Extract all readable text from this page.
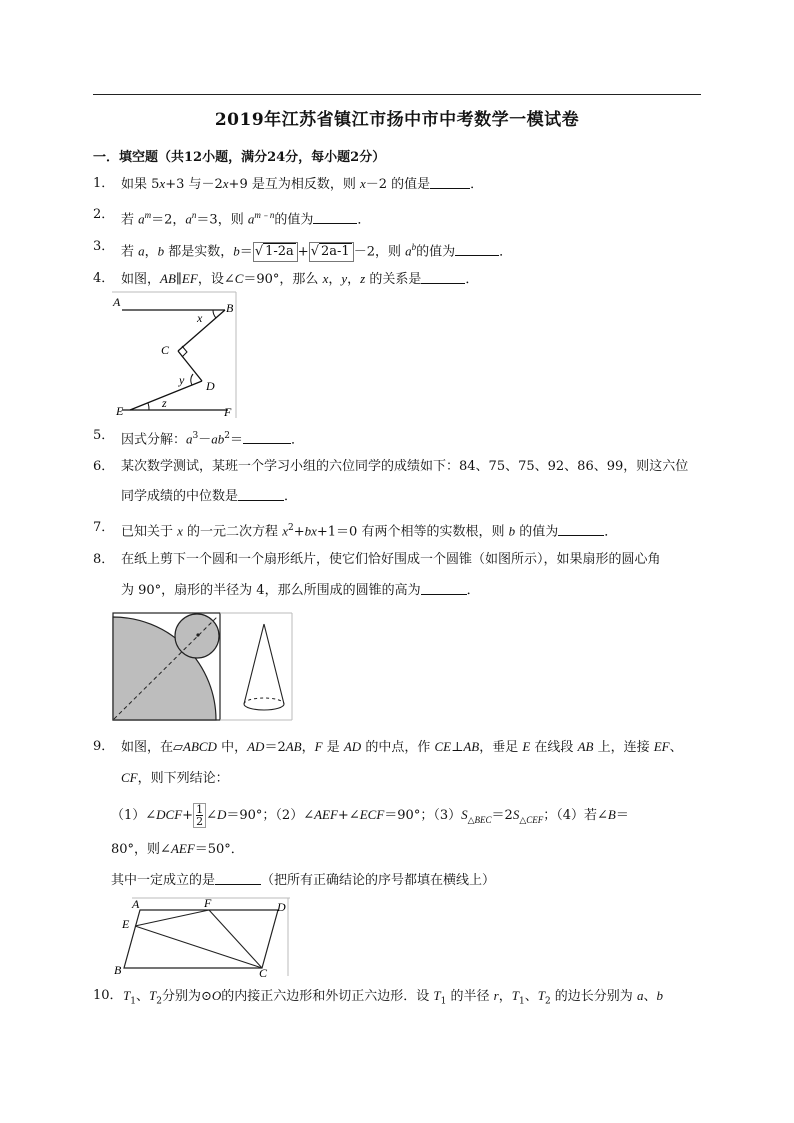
2019年江苏省镇江市扬中市中考数学一模试卷
一．填空题（共12小题，满分24分，每小题2分）
1． 如果 5x+3 与－2x+9 是互为相反数，则 x－2 的值是	．
2． 若 $a^m=2$，$a^n=3$，则 $a^{m﹣n}$的值为	．
3． 若 a，b 都是实数，b＝ √ 1-2a + √ 2a-1 －2，则 $a^b$的值为	．
4． 如图，AB∥EF，设∠C＝90°，那么 x，y，z 的关系是	．
A	B
C
D
E	F
x
y
z
5． 因式分解：$a^3-ab^2=$	．
6． 某次数学测试，某班一个学习小组的六位同学的成绩如下：84、75、75、92、86、99，则这六位
同学成绩的中位数是	．
7． 已知关于 x 的一元二次方程 $x^2+bx+1=0$ 有两个相等的实数根，则 b 的值为	．
8． 在纸上剪下一个圆和一个扇形纸片，使它们恰好围成一个圆锥（如图所示），如果扇形的圆心角
为 90°，扇形的半径为 4，那么所围成的圆锥的高为	．
9． 如图，在▱ABCD 中，AD＝2AB，F 是 AD 的中点，作 CE⊥AB，垂足 E 在线段 AB 上，连接 EF、
CF，则下列结论：
（1）∠DCF+ $\frac{1}{2}$ ∠D＝90°；（2）∠AEF+∠ECF＝90°；$(3)S_{\triangle BEC}=2S_{\triangle CEF}$；（4）若∠B＝
80°，则∠AEF＝50°．
其中一定成立的是	（把所有正确结论的序号都填在横线上）
A	F	D
E
B	C
10． $T_1$、$T_2$分别为⊙O的内接正六边形和外切正六边形．设 $T_1$ 的半径 r，$T_1$、$T_2$ 的边长分别为 a、b
